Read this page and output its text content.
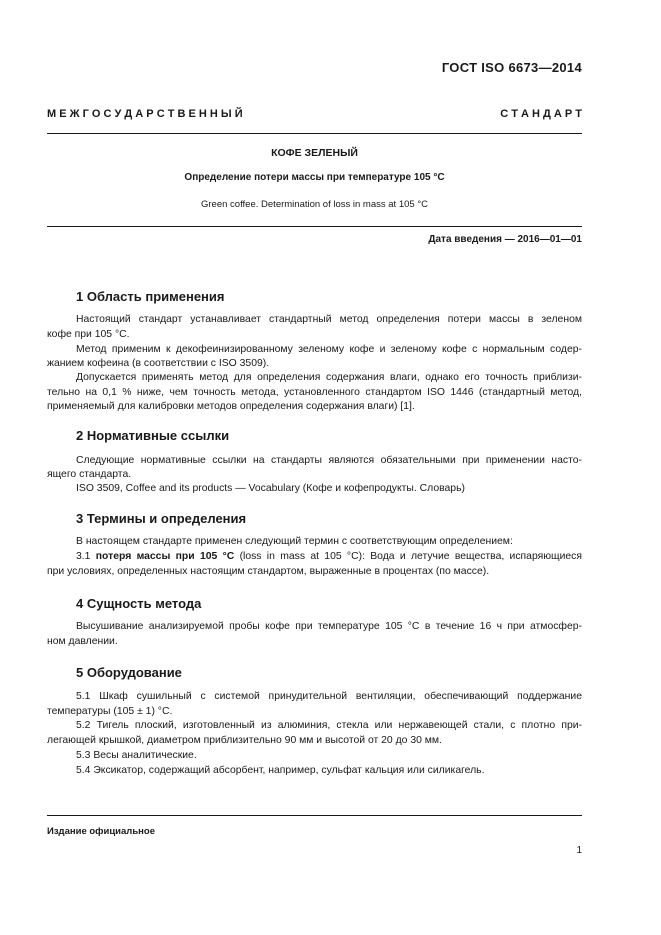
ГОСТ ISO 6673—2014
М Е Ж Г О С У Д А Р С Т В Е Н Н Ы Й	С Т А Н Д А Р Т
КОФЕ ЗЕЛЕНЫЙ
Определение потери массы при температуре 105 °С
Green coffee. Determination of loss in mass at 105 °C
Дата введения — 2016—01—01
1 Область применения
Настоящий стандарт устанавливает стандартный метод определения потери массы в зеленом
кофе при 105 °С.
Метод применим к декофеинизированному зеленому кофе и зеленому кофе с нормальным содер-
жанием кофеина (в соответствии с ISO 3509).
Допускается применять метод для определения содержания влаги, однако его точность приблизи-
тельно на 0,1 % ниже, чем точность метода, установленного стандартом ISO 1446 (стандартный метод,
применяемый для калибровки методов определения содержания влаги) [1].
2 Нормативные ссылки
Следующие нормативные ссылки на стандарты являются обязательными при применении насто-
ящего стандарта.
ISO 3509, Coffee and its products — Vocabulary (Кофе и кофепродукты. Словарь)
3 Термины и определения
В настоящем стандарте применен следующий термин с соответствующим определением:
3.1 потеря массы при 105 °С (loss in mass at 105 °C): Вода и летучие вещества, испаряющиеся
при условиях, определенных настоящим стандартом, выраженные в процентах (по массе).
4 Сущность метода
Высушивание анализируемой пробы кофе при температуре 105 °С в течение 16 ч при атмосфер-
ном давлении.
5 Оборудование
5.1 Шкаф сушильный с системой принудительной вентиляции, обеспечивающий поддержание
температуры (105 ± 1) °С.
5.2 Тигель плоский, изготовленный из алюминия, стекла или нержавеющей стали, с плотно при-
легающей крышкой, диаметром приблизительно 90 мм и высотой от 20 до 30 мм.
5.3 Весы аналитические.
5.4 Эксикатор, содержащий абсорбент, например, сульфат кальция или силикагель.
Издание официальное
1
